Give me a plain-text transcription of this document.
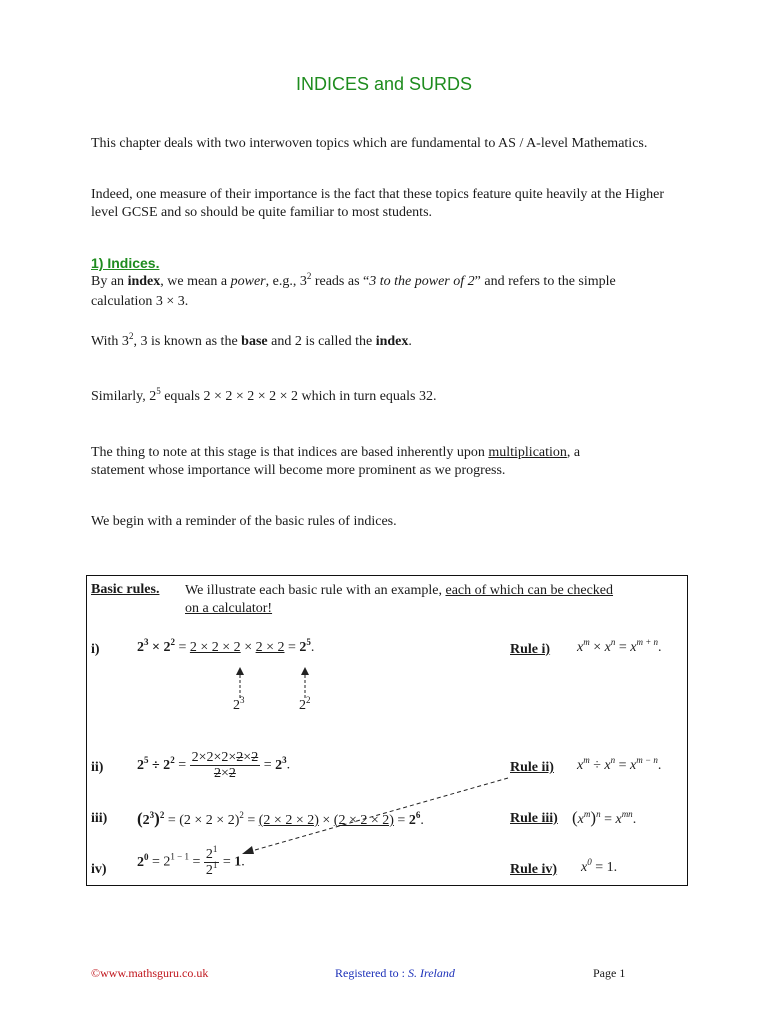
INDICES and SURDS
This chapter deals with two interwoven topics which are fundamental to AS / A-level Mathematics.
Indeed, one measure of their importance is the fact that these topics feature quite heavily at the Higher level GCSE and so should be quite familiar to most students.
1) Indices.
By an index, we mean a power, e.g., $3^2$ reads as “3 to the power of 2” and refers to the simple
calculation 3 × 3.
With $3^2$, 3 is known as the base and 2 is called the index.
Similarly, $2^5$ equals 2 × 2 × 2 × 2 × 2 which in turn equals 32.
The thing to note at this stage is that indices are based inherently upon multiplication, a
statement whose importance will become more prominent as we progress.
We begin with a reminder of the basic rules of indices.
Basic rules. We illustrate each basic rule with an example, each of which can be checked
on a calculator!
i)	$2^3 \times 2^2 = 2 \times 2 \times 2 \times 2 \times 2 = 2^5$.	Rule i) $x^m \times x^n = x^{m + n}$.
$2^3$	$2^2$
ii) $2^5 \div 2^2 = \frac{2\times 2\times 2\times 2\times 2}{2\times 2} = 2^3$.	Rule ii) $x^m \div x^n = x^{m - n}$.
iii) $(2^3)^2 = (2 \times 2 \times 2)^2 = (2 \times 2 \times 2) \times (2 \times 2 \times 2) = 2^6$.	Rule iii) $(x^m)^n = x^{mn}$.
iv) $2^0 = 2^{1 - 1} = \frac{2^1}{2^1} = 1$.	Rule iv) $x^0 = 1$.
©www.mathsguru.co.uk	Registered to : S. Ireland	Page 1
